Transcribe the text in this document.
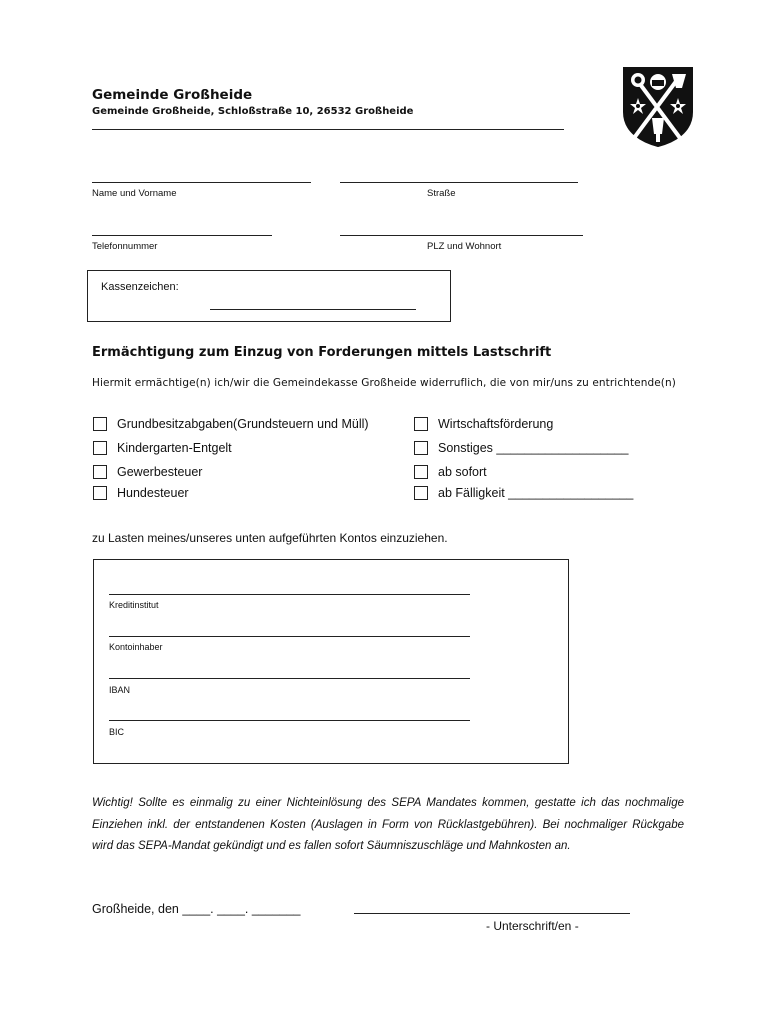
Gemeinde Großheide
Gemeinde Großheide, Schloßstraße 10, 26532 Großheide
Name und Vorname	Straße
Telefonnummer	PLZ und Wohnort
Kassenzeichen:
Ermächtigung zum Einzug von Forderungen mittels Lastschrift
Hiermit ermächtige(n) ich/wir die Gemeindekasse Großheide widerruflich, die von mir/uns zu entrichtende(n)
Grundbesitzabgaben(Grundsteuern und Müll)
Kindergarten-Entgelt
Gewerbesteuer
Hundesteuer
Wirtschaftsförderung
Sonstiges ___________________
ab sofort
ab Fälligkeit __________________
zu Lasten meines/unseres unten aufgeführten Kontos einzuziehen.
Kreditinstitut
Kontoinhaber
IBAN
BIC
Wichtig! Sollte es einmalig zu einer Nichteinlösung des SEPA Mandates kommen, gestatte ich das nochmalige Einziehen inkl. der entstandenen Kosten (Auslagen in Form von Rücklastgebühren). Bei nochmaliger Rückgabe wird das SEPA-Mandat gekündigt und es fallen sofort Säumniszuschläge und Mahnkosten an.
Großheide, den ____. ____. _______
- Unterschrift/en -
